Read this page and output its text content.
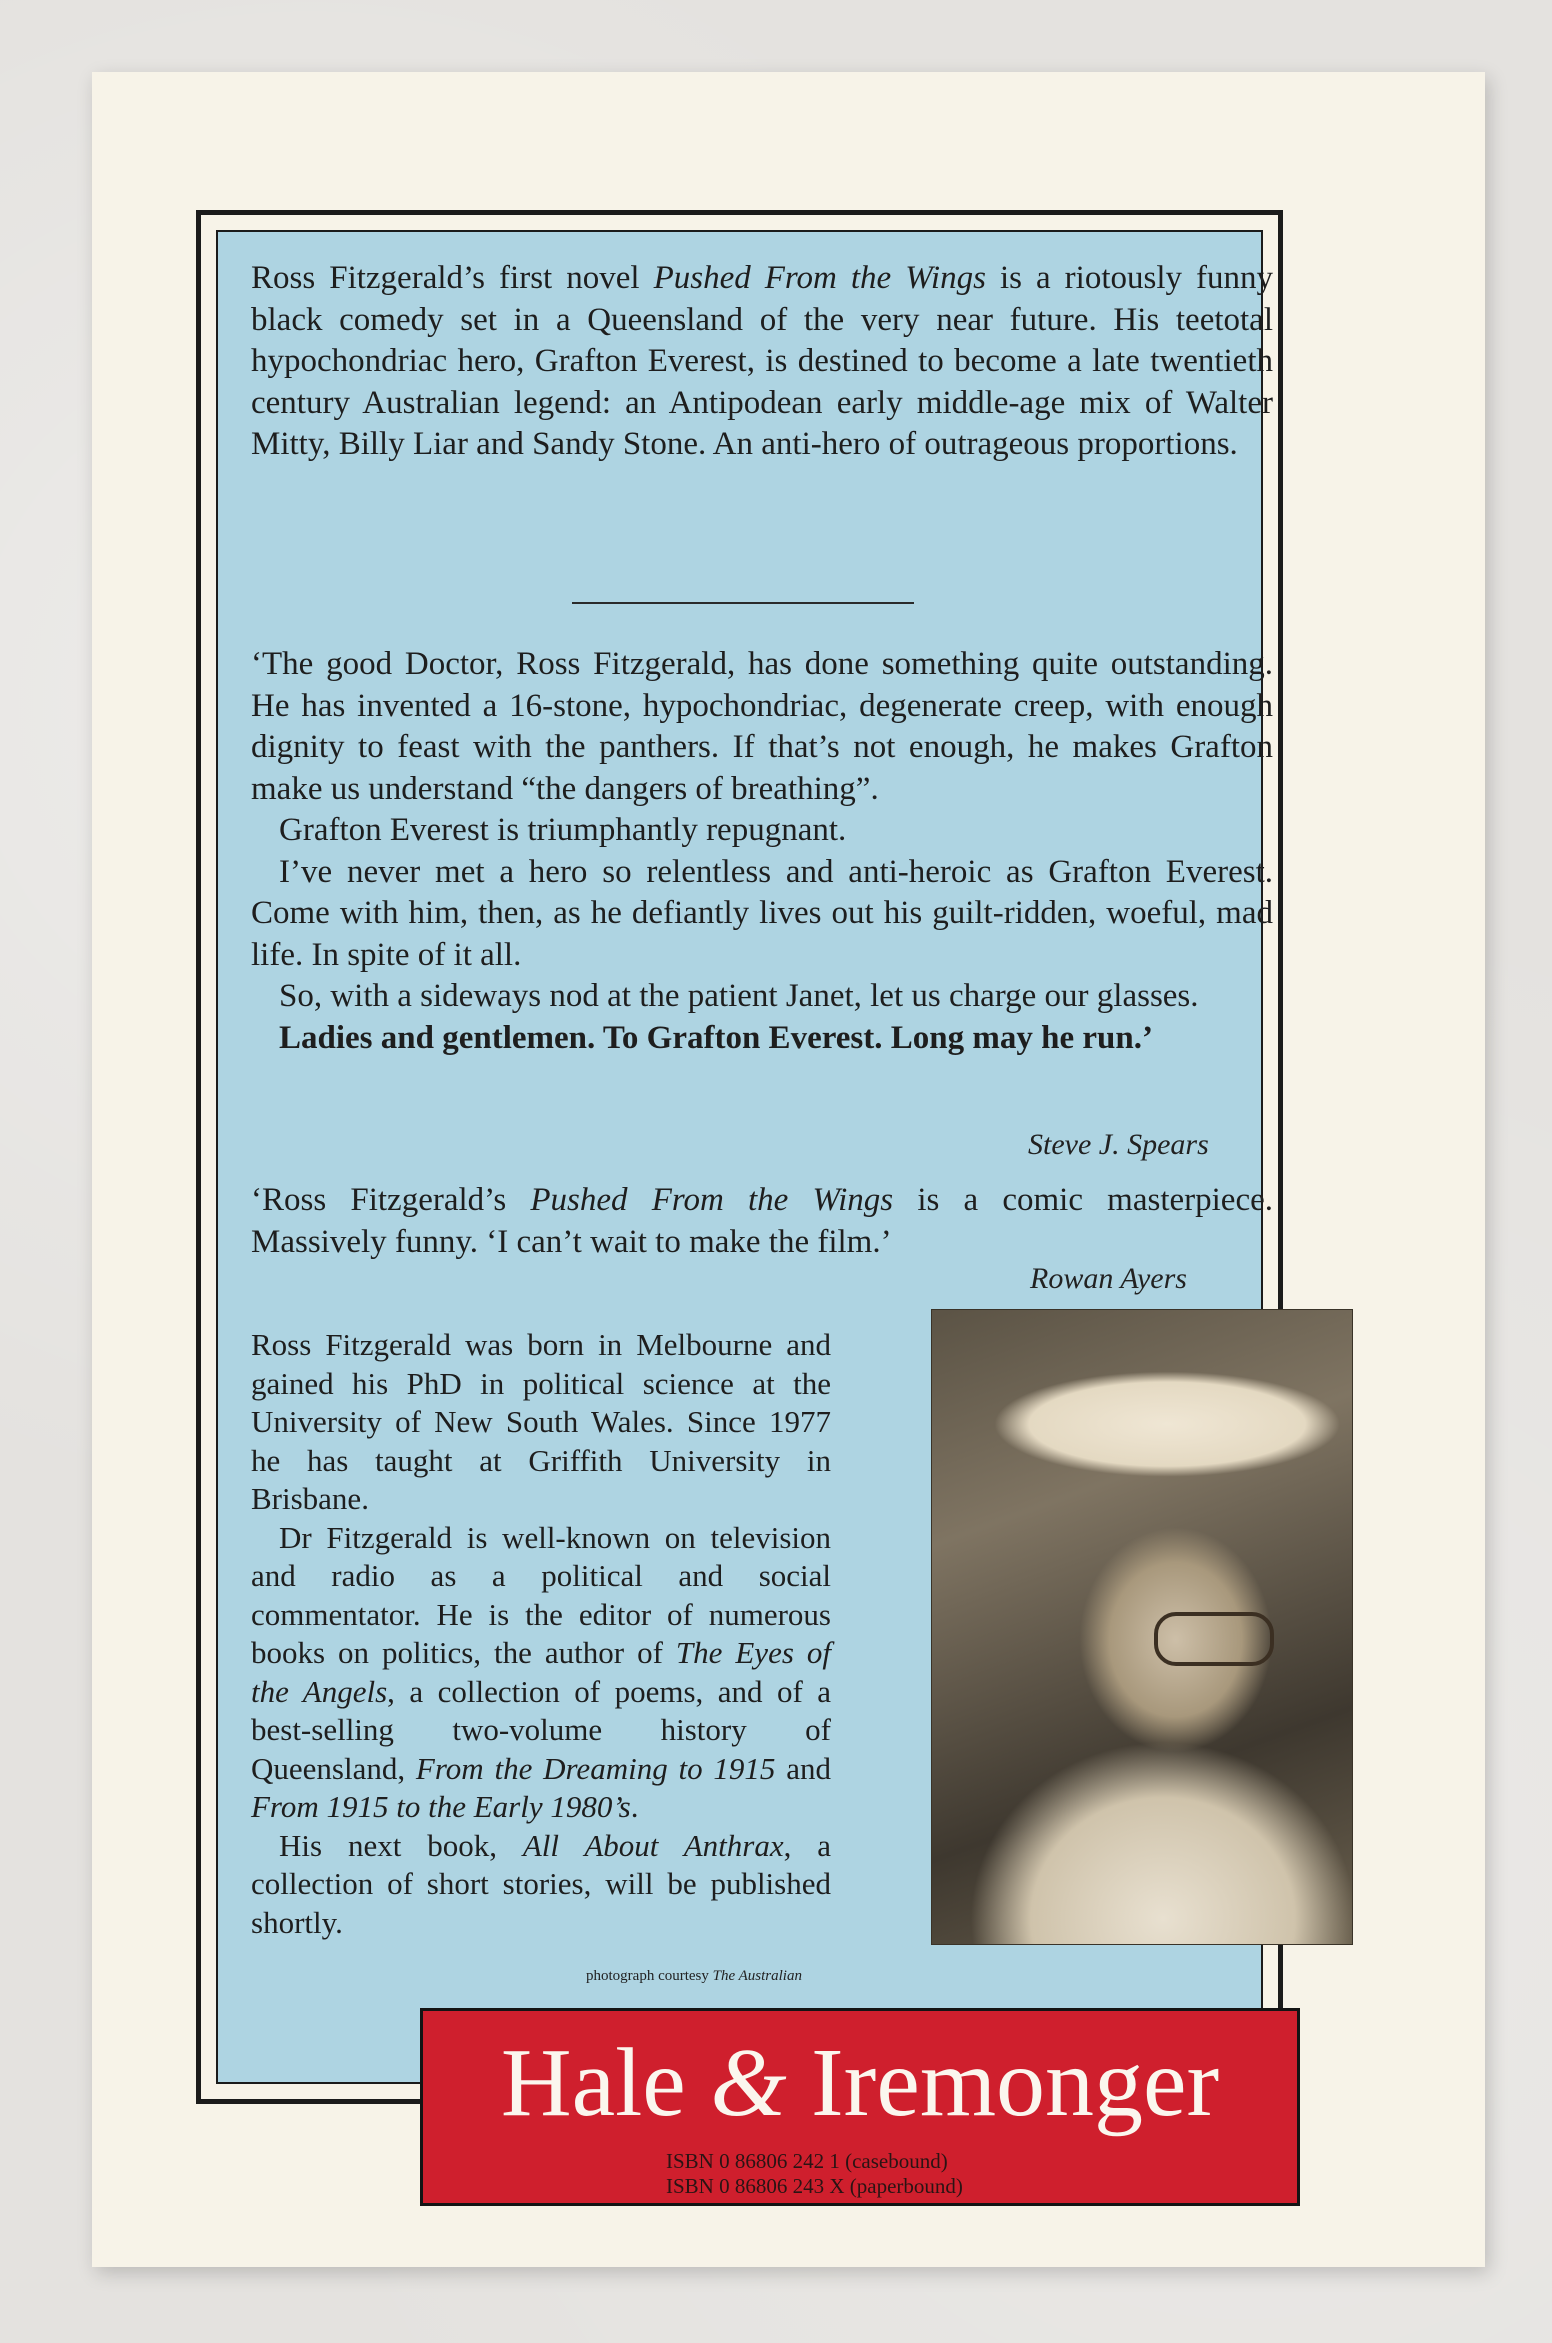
Ross Fitzgerald’s first novel Pushed From the Wings is a riotously funny black comedy set in a Queensland of the very near future. His teetotal hypochondriac hero, Grafton Everest, is destined to become a late twentieth century Australian legend: an Antipodean early middle-age mix of Walter Mitty, Billy Liar and Sandy Stone. An anti-hero of outrageous proportions.
‘The good Doctor, Ross Fitzgerald, has done something quite outstanding. He has invented a 16-stone, hypochondriac, degenerate creep, with enough dignity to feast with the panthers. If that’s not enough, he makes Grafton make us understand “the dangers of breathing”.
Grafton Everest is triumphantly repugnant.
I’ve never met a hero so relentless and anti-heroic as Grafton Everest. Come with him, then, as he defiantly lives out his guilt-ridden, woeful, mad life. In spite of it all.
So, with a sideways nod at the patient Janet, let us charge our glasses.
Ladies and gentlemen. To Grafton Everest. Long may he run.’
Steve J. Spears
‘Ross Fitzgerald’s Pushed From the Wings is a comic masterpiece. Massively funny. ‘I can’t wait to make the film.’
Rowan Ayers
Ross Fitzgerald was born in Melbourne and gained his PhD in political science at the University of New South Wales. Since 1977 he has taught at Griffith University in Brisbane.
Dr Fitzgerald is well-known on television and radio as a political and social commentator. He is the editor of numerous books on politics, the author of The Eyes of the Angels, a collection of poems, and of a best-selling two-volume history of Queensland, From the Dreaming to 1915 and From 1915 to the Early 1980’s.
His next book, All About Anthrax, a collection of short stories, will be published shortly.
photograph courtesy The Australian
Hale & Iremonger
ISBN 0 86806 242 1 (casebound)
ISBN 0 86806 243 X (paperbound)
